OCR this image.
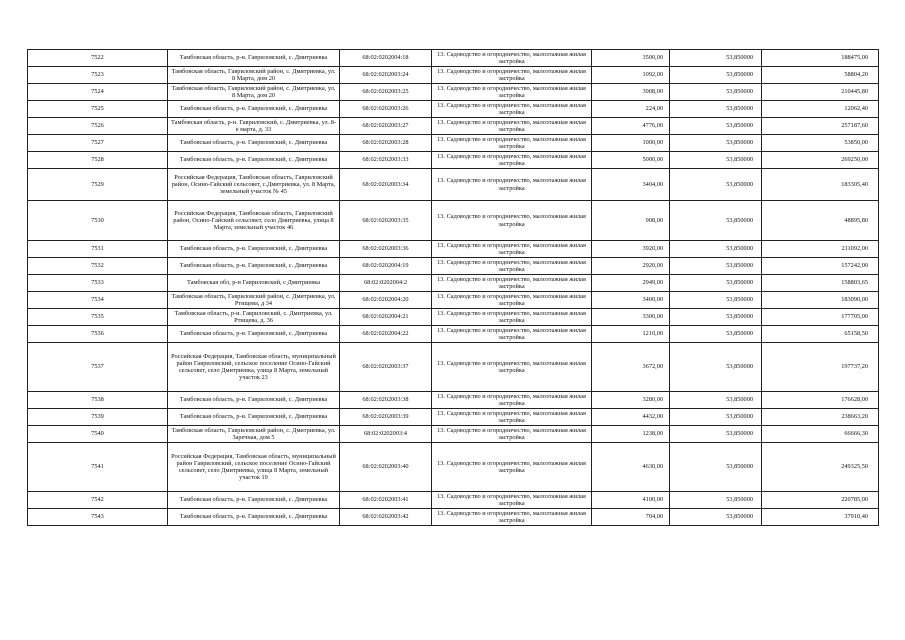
7522	Тамбовская область, р-н. Гавриловский, с. Дмитриевка	68:02:0202004:18	13. Садоводство и огородничество, малоэтажная жилая застройка	3500,00	53,850000	188475,00
7523	Тамбовская область, Гавриловский район, с. Дмитриевка, ул. 8 Марта, дом 20	68:02:0202003:24	13. Садоводство и огородничество, малоэтажная жилая застройка	1092,00	53,850000	58804,20
7524	Тамбовская область, Гавриловский район, с. Дмитриевка, ул. 8 Марта, дом 20	68:02:0202003:25	13. Садоводство и огородничество, малоэтажная жилая застройка	3908,00	53,850000	210445,80
7525	Тамбовская область, р-н. Гавриловский, с. Дмитриевка	68:02:0202003:26	13. Садоводство и огородничество, малоэтажная жилая застройка	224,00	53,850000	12062,40
7526	Тамбовская область, р-н. Гавриловский, с. Дмитриевка, ул. 8-е марта, д. 33	68:02:0202003:27	13. Садоводство и огородничество, малоэтажная жилая застройка	4776,00	53,850000	257187,60
7527	Тамбовская область, р-н. Гавриловский, с. Дмитриевка	68:02:0202003:28	13. Садоводство и огородничество, малоэтажная жилая застройка	1000,00	53,850000	53850,00
7528	Тамбовская область, р-н. Гавриловский, с. Дмитриевка	68:02:0202003:33	13. Садоводство и огородничество, малоэтажная жилая застройка	5000,00	53,850000	269250,00
7529	Российская Федерация, Тамбовская область, Гавриловский район, Осино-Гайский сельсовет, с.Дмитриевка, ул. 8 Марта, земельный участок № 45	68:02:0202003:34	13. Садоводство и огородничество, малоэтажная жилая застройка	3404,00	53,850000	183305,40
7530	Российская Федерация, Тамбовская область, Гавриловский район, Осино-Гайский сельсовет, село Дмитриевка, улица 8 Марта, земельный участок 46	68:02:0202003:35	13. Садоводство и огородничество, малоэтажная жилая застройка	908,00	53,850000	48895,80
7531	Тамбовская область, р-н. Гавриловский, с. Дмитриевка	68:02:0202003:36	13. Садоводство и огородничество, малоэтажная жилая застройка	3920,00	53,850000	211092,00
7532	Тамбовская область, р-н. Гавриловский, с. Дмитриевка	68:02:0202004:19	13. Садоводство и огородничество, малоэтажная жилая застройка	2920,00	53,850000	157242,00
7533	Тамбовская обл, р-н Гавриловский, с Дмитриевка	68:02:0202004:2	13. Садоводство и огородничество, малоэтажная жилая застройка	2949,00	53,850000	158803,65
7534	Тамбовская область, Гавриловский район, с. Дмитриевка, ул. Ртищева, д 34	68:02:0202004:20	13. Садоводство и огородничество, малоэтажная жилая застройка	3400,00	53,850000	183090,00
7535	Тамбовская область, р-н. Гавриловский, с. Дмитриевка, ул. Ртищева, д. 36	68:02:0202004:21	13. Садоводство и огородничество, малоэтажная жилая застройка	3300,00	53,850000	177705,00
7536	Тамбовская область, р-н. Гавриловский, с. Дмитриевка	68:02:0202004:22	13. Садоводство и огородничество, малоэтажная жилая застройка	1210,00	53,850000	65158,50
7537	Российская Федерация, Тамбовская область, муниципальный район Гавриловский, сельское поселение Осино-Гайский сельсовет, село Дмитриевка, улица 8 Марта, земельный участок 23	68:02:0202003:37	13. Садоводство и огородничество, малоэтажная жилая застройка	3672,00	53,850000	197737,20
7538	Тамбовская область, р-н. Гавриловский, с. Дмитриевка	68:02:0202003:38	13. Садоводство и огородничество, малоэтажная жилая застройка	3280,00	53,850000	176628,00
7539	Тамбовская область, р-н. Гавриловский, с. Дмитриевка	68:02:0202003:39	13. Садоводство и огородничество, малоэтажная жилая застройка	4432,00	53,850000	238663,20
7540	Тамбовская область, Гавриловский район, с. Дмитриевка, ул. Заречная, дом 5	68:02:0202003:4	13. Садоводство и огородничество, малоэтажная жилая застройка	1238,00	53,850000	66666,30
7541	Российская Федерация, Тамбовская область, муниципальный район Гавриловский, сельское поселение Осино-Гайский сельсовет, село Дмитриевка, улица 8 Марта, земельный участок 19	68:02:0202003:40	13. Садоводство и огородничество, малоэтажная жилая застройка	4630,00	53,850000	249325,50
7542	Тамбовская область, р-н. Гавриловский, с. Дмитриевка	68:02:0202003:41	13. Садоводство и огородничество, малоэтажная жилая застройка	4100,00	53,850000	220785,00
7543	Тамбовская область, р-н. Гавриловский, с. Дмитриевка	68:02:0202003:42	13. Садоводство и огородничество, малоэтажная жилая застройка	704,00	53,850000	37910,40
